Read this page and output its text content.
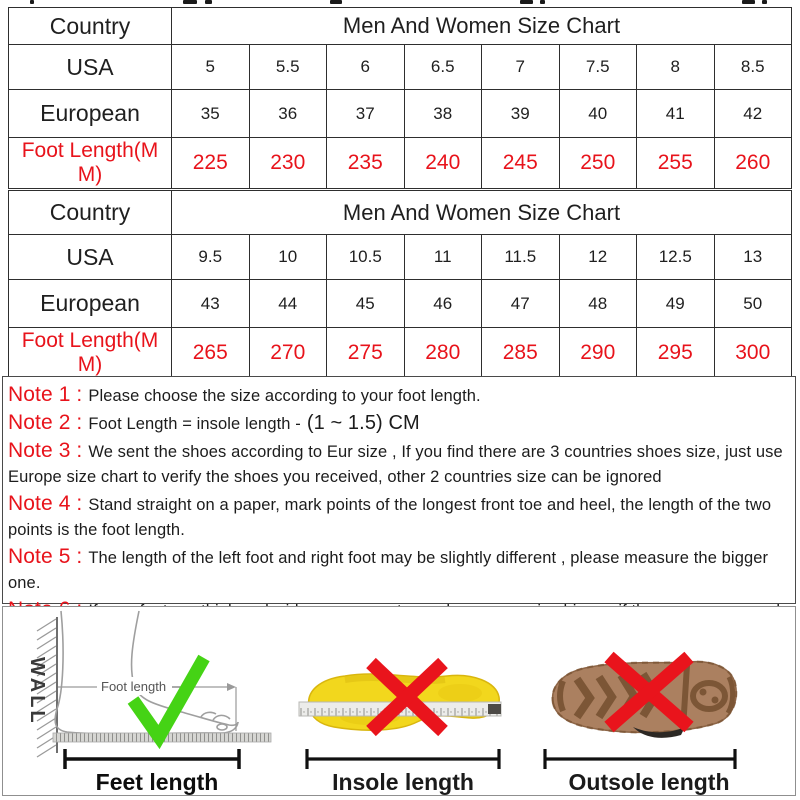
Country	Men And Women Size Chart							
USA	5	5.5	6	6.5	7	7.5	8	8.5
European	35	36	37	38	39	40	41	42
Foot Length(M M)	225	230	235	240	245	250	255	260
Country	Men And Women Size Chart							
USA	9.5	10	10.5	11	11.5	12	12.5	13
European	43	44	45	46	47	48	49	50
Foot Length(M M)	265	270	275	280	285	290	295	300
Note 1 : Please choose the size according to your foot length.
Note 2 : Foot Length = insole length - (1 ~ 1.5) CM
Note 3 : We sent the shoes according to Eur size , If you find there are 3 countries shoes size, just use Europe size chart to verify the shoes you received, other 2 countries size can be ignored
Note 4 : Stand straight on a paper, mark points of the longest front toe and heel, the length of the two points is the foot length.
Note 5 : The length of the left foot and right foot may be slightly different , please measure the bigger one.
WALL	Foot length
Feet length	Insole length	Outsole length
